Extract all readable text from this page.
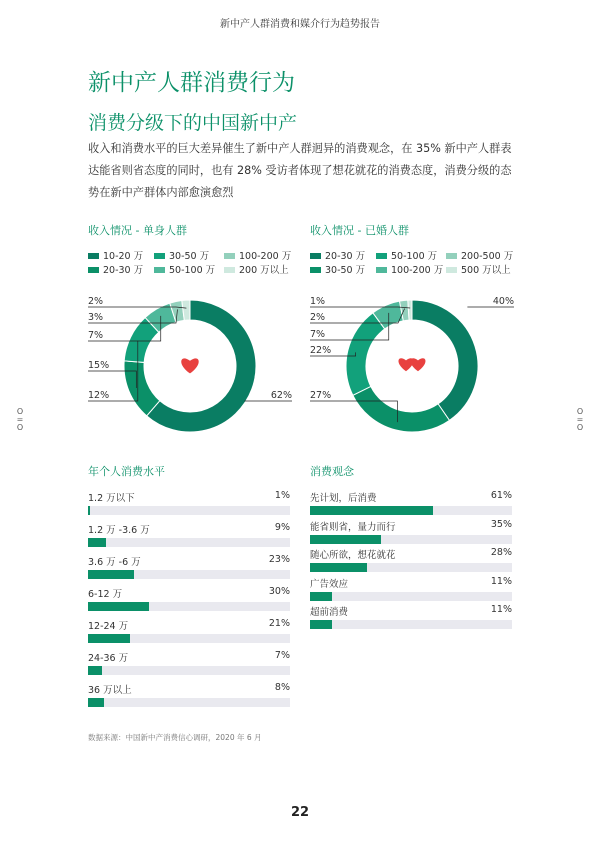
新中产人群消费和媒介行为趋势报告
新中产人群消费行为
消费分级下的中国新中产
收入和消费水平的巨大差异催生了新中产人群迥异的消费观念，在 35% 新中产人群表达能省则省态度的同时，也有 28% 受访者体现了想花就花的消费态度，消费分级的态势在新中产群体内部愈演愈烈
O
=
O
O
=
O
收入情况 - 单身人群
10-20 万	30-50 万	100-200 万
20-30 万	50-100 万	200 万以上
2%
3%
7%
12%
15%
62%
收入情况 - 已婚人群
20-30 万	50-100 万	200-500 万
30-50 万	100-200 万	500 万以上
1%
2%
7%
22%
27%
40%
年个人消费水平
1.2 万以下	1%
1.2 万 -3.6 万	9%
3.6 万 -6 万	23%
6-12 万	30%
12-24 万	21%
24-36 万	7%
36 万以上	8%
消费观念
先计划，后消费	61%
能省则省，量力而行	35%
随心所欲，想花就花	28%
广告效应	11%
超前消费	11%
数据来源：中国新中产消费信心调研，2020 年 6 月
22
